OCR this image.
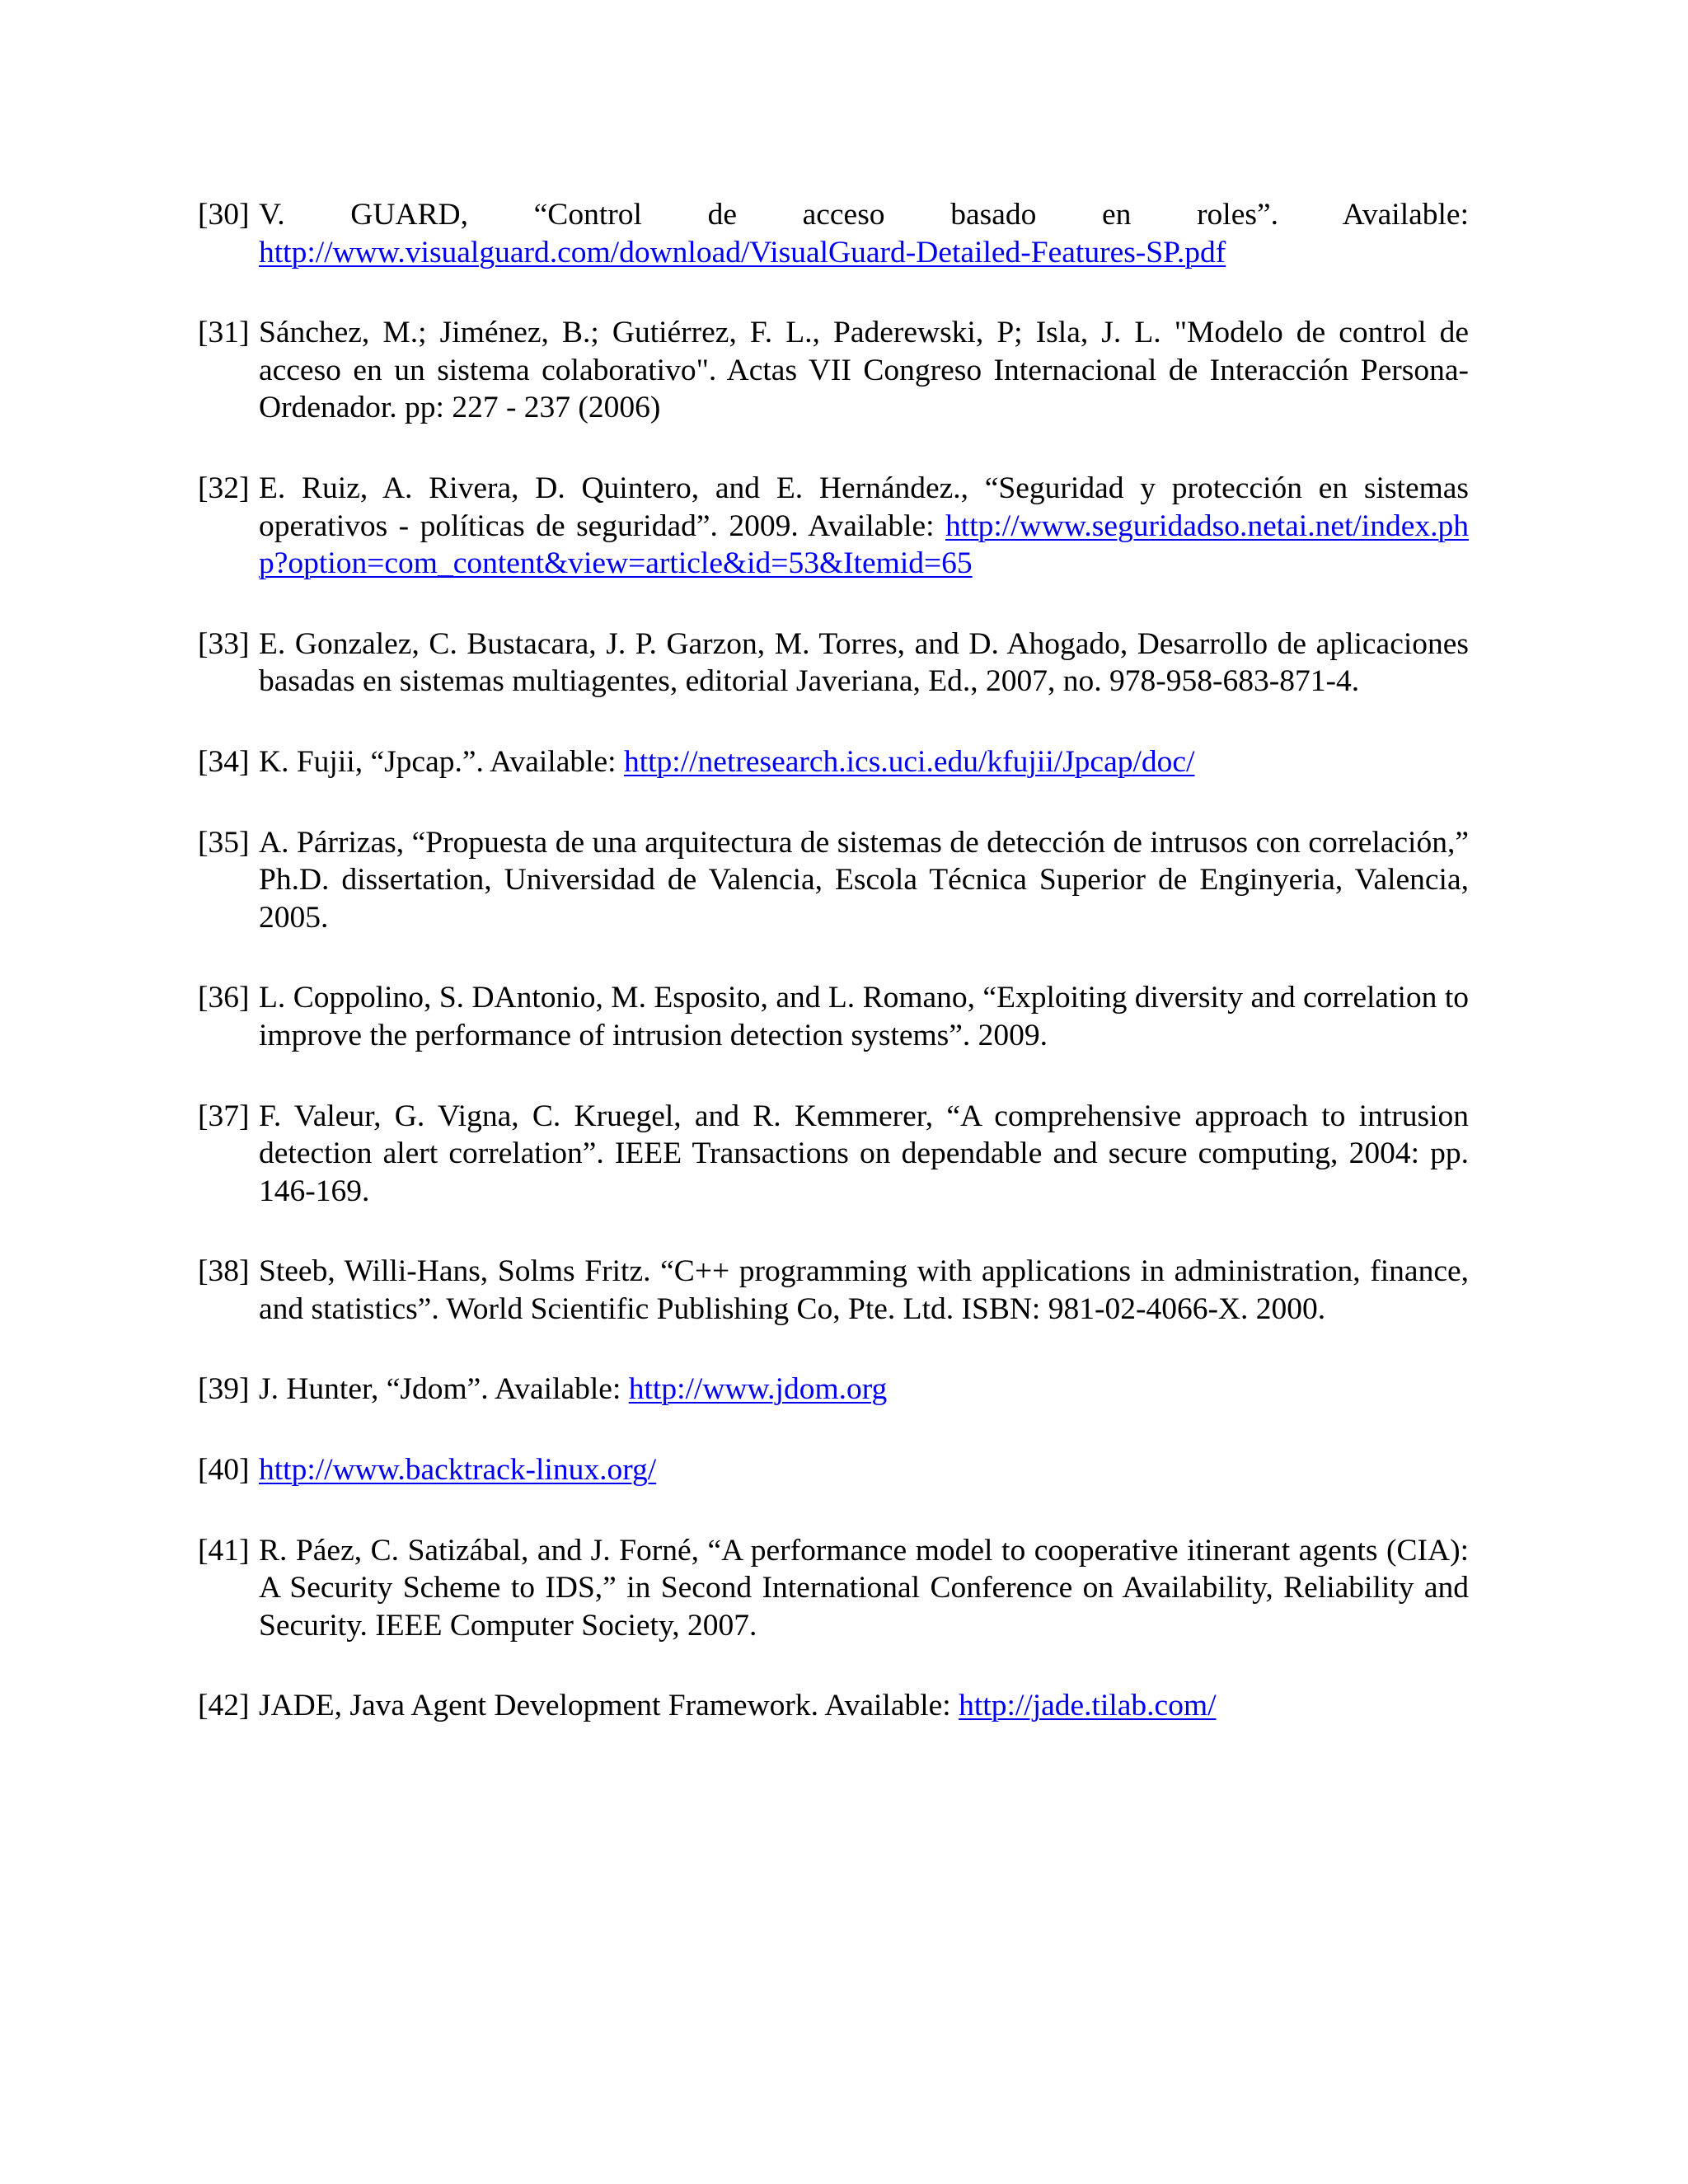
[30] V. GUARD, “Control de acceso basado en roles”. Available: http://www.visualguard.com/download/VisualGuard-Detailed-Features-SP.pdf
[31] Sánchez, M.; Jiménez, B.; Gutiérrez, F. L., Paderewski, P; Isla, J. L. "Modelo de control de acceso en un sistema colaborativo". Actas VII Congreso Internacional de Interacción Persona-Ordenador. pp: 227 - 237 (2006)
[32] E. Ruiz, A. Rivera, D. Quintero, and E. Hernández., “Seguridad y protección en sistemas operativos - políticas de seguridad”. 2009. Available: http://www.seguridadso.netai.net/index.php?option=com_content&view=article&id=53&Itemid=65
[33] E. Gonzalez, C. Bustacara, J. P. Garzon, M. Torres, and D. Ahogado, Desarrollo de aplicaciones basadas en sistemas multiagentes, editorial Javeriana, Ed., 2007, no. 978-958-683-871-4.
[34] K. Fujii, “Jpcap.”. Available: http://netresearch.ics.uci.edu/kfujii/Jpcap/doc/
[35] A. Párrizas, “Propuesta de una arquitectura de sistemas de detección de intrusos con correlación,” Ph.D. dissertation, Universidad de Valencia, Escola Técnica Superior de Enginyeria, Valencia, 2005.
[36] L. Coppolino, S. DAntonio, M. Esposito, and L. Romano, “Exploiting diversity and correlation to improve the performance of intrusion detection systems”. 2009.
[37] F. Valeur, G. Vigna, C. Kruegel, and R. Kemmerer, “A comprehensive approach to intrusion detection alert correlation”. IEEE Transactions on dependable and secure computing, 2004: pp. 146-169.
[38] Steeb, Willi-Hans, Solms Fritz. “C++ programming with applications in administration, finance, and statistics”. World Scientific Publishing Co, Pte. Ltd. ISBN: 981-02-4066-X. 2000.
[39] J. Hunter, “Jdom”. Available: http://www.jdom.org
[40] http://www.backtrack-linux.org/
[41] R. Páez, C. Satizábal, and J. Forné, “A performance model to cooperative itinerant agents (CIA): A Security Scheme to IDS,” in Second International Conference on Availability, Reliability and Security. IEEE Computer Society, 2007.
[42] JADE, Java Agent Development Framework. Available: http://jade.tilab.com/
